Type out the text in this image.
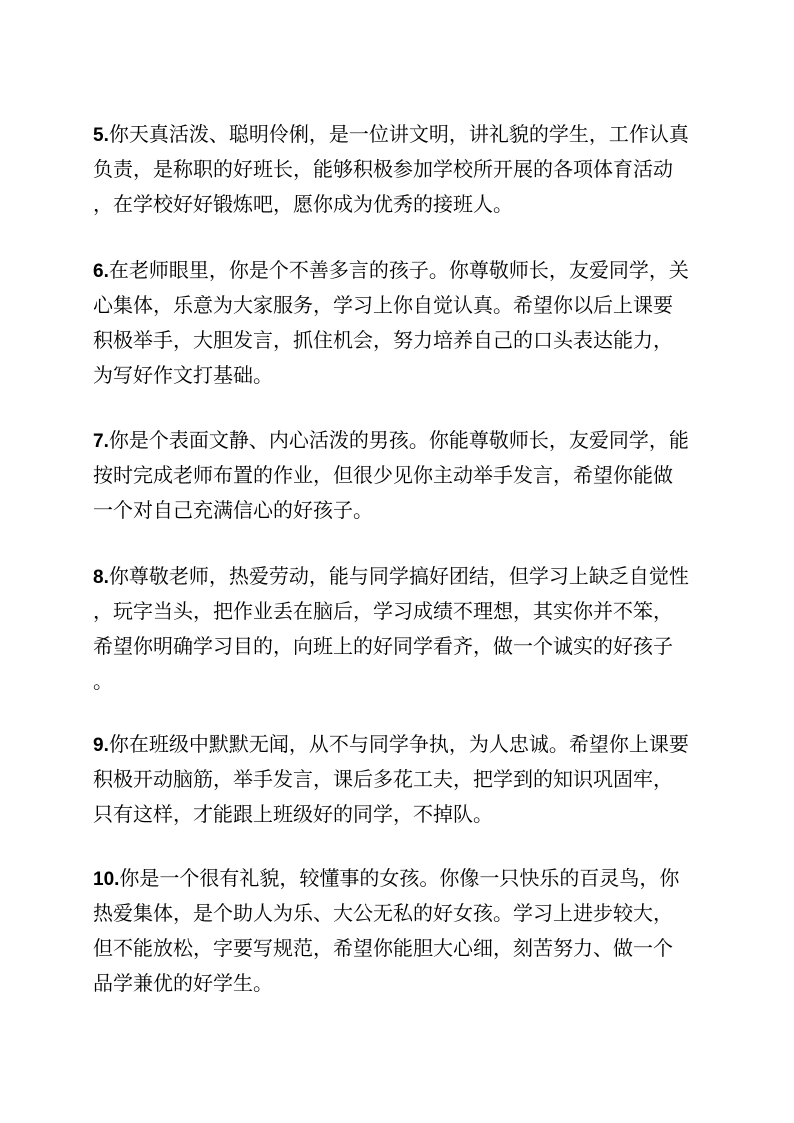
5.你天真活泼、聪明伶俐，是一位讲文明，讲礼貌的学生，工作认真
负责，是称职的好班长，能够积极参加学校所开展的各项体育活动
，在学校好好锻炼吧，愿你成为优秀的接班人。
6.在老师眼里，你是个不善多言的孩子。你尊敬师长，友爱同学，关
心集体，乐意为大家服务，学习上你自觉认真。希望你以后上课要
积极举手，大胆发言，抓住机会，努力培养自己的口头表达能力，
为写好作文打基础。
7.你是个表面文静、内心活泼的男孩。你能尊敬师长，友爱同学，能
按时完成老师布置的作业，但很少见你主动举手发言，希望你能做
一个对自己充满信心的好孩子。
8.你尊敬老师，热爱劳动，能与同学搞好团结，但学习上缺乏自觉性
，玩字当头，把作业丢在脑后，学习成绩不理想，其实你并不笨，
希望你明确学习目的，向班上的好同学看齐，做一个诚实的好孩子
。
9.你在班级中默默无闻，从不与同学争执，为人忠诚。希望你上课要
积极开动脑筋，举手发言，课后多花工夫，把学到的知识巩固牢，
只有这样，才能跟上班级好的同学，不掉队。
10.你是一个很有礼貌，较懂事的女孩。你像一只快乐的百灵鸟，你
热爱集体，是个助人为乐、大公无私的好女孩。学习上进步较大，
但不能放松，字要写规范，希望你能胆大心细，刻苦努力、做一个
品学兼优的好学生。
